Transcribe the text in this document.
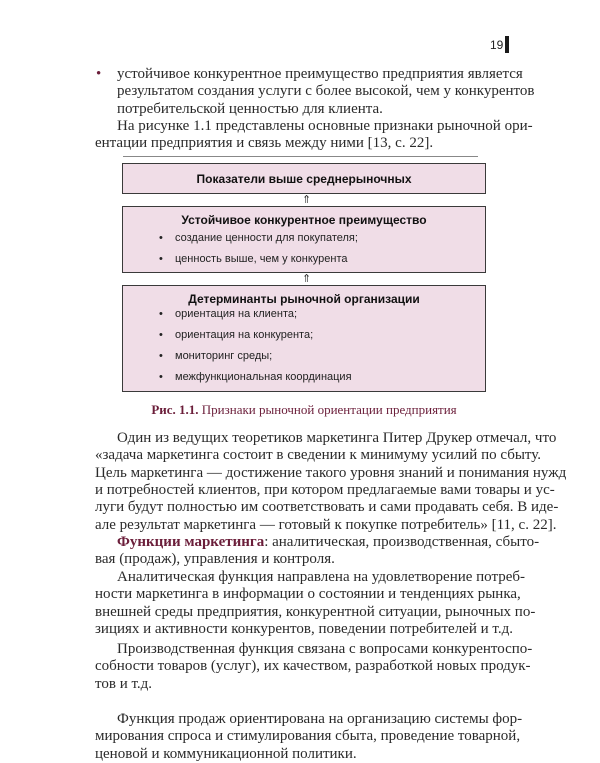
19
•
Показатели выше среднерыночных
⇑
Устойчивое конкурентное преимущество
• создание ценности для покупателя;
• ценность выше, чем у конкурента
⇑
Детерминанты рыночной организации
• ориентация на клиента;
• ориентация на конкурента;
• мониторинг среды;
• межфункциональная координация
Рис. 1.1. Признаки рыночной ориентации предприятия
устойчивое конкурентное преимущество предприятия является
результатом создания услуги с более высокой, чем у конкурентов
потребительской ценностью для клиента.
На рисунке 1.1 представлены основные признаки рыночной ори-
ентации предприятия и связь между ними [13, с. 22].
Один из ведущих теоретиков маркетинга Питер Друкер отмечал, что
«задача маркетинга состоит в сведении к минимуму усилий по сбыту.
Цель маркетинга — достижение такого уровня знаний и понимания нужд
и потребностей клиентов, при котором предлагаемые вами товары и ус-
луги будут полностью им соответствовать и сами продавать себя. В иде-
але результат маркетинга — готовый к покупке потребитель» [11, с. 22].
Функции маркетинга: аналитическая, производственная, сбыто-
вая (продаж), управления и контроля.
Аналитическая функция направлена на удовлетворение потреб-
ности маркетинга в информации о состоянии и тенденциях рынка,
внешней среды предприятия, конкурентной ситуации, рыночных по-
зициях и активности конкурентов, поведении потребителей и т.д.
Производственная функция связана с вопросами конкурентоспо-
собности товаров (услуг), их качеством, разработкой новых продук-
тов и т.д.
Функция продаж ориентирована на организацию системы фор-
мирования спроса и стимулирования сбыта, проведение товарной,
ценовой и коммуникационной политики.
